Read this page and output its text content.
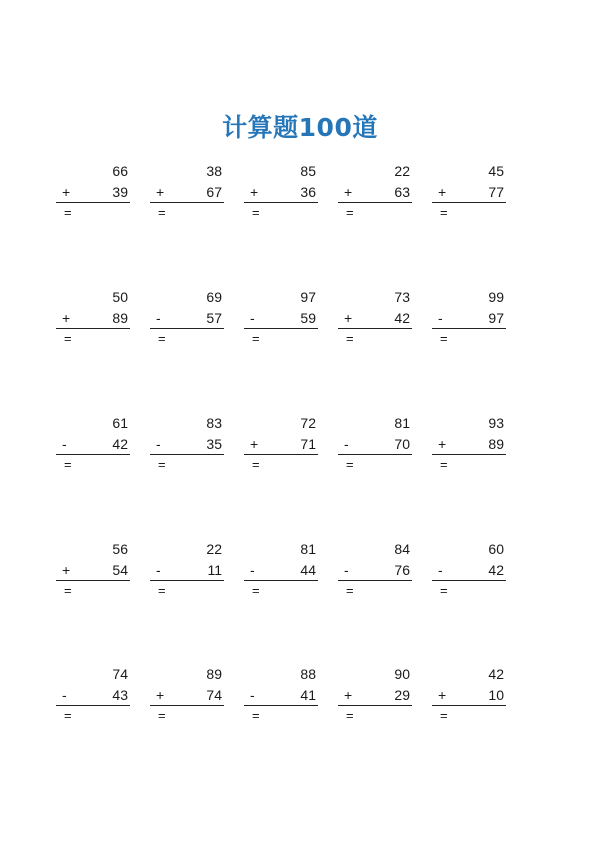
计算题100道
66
+	39
=
38
+	67
=
85
+	36
=
22
+	63
=
45
+	77
=
50
+	89
=
69
-	57
=
97
-	59
=
73
+	42
=
99
-	97
=
61
-	42
=
83
-	35
=
72
+	71
=
81
-	70
=
93
+	89
=
56
+	54
=
22
-	11
=
81
-	44
=
84
-	76
=
60
-	42
=
74
-	43
=
89
+	74
=
88
-	41
=
90
+	29
=
42
+	10
=
